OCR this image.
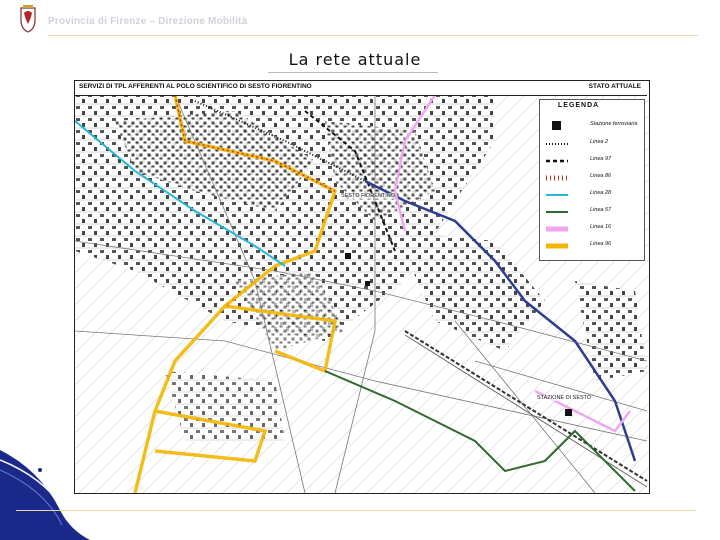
Provincia di Firenze – Direzione Mobilità
La rete attuale
SERVIZI DI TPL AFFERENTI AL POLO SCIENTIFICO DI SESTO FIORENTINO	STATO ATTUALE
SESTO FIORENTINO
STAZIONE DI SESTO
LEGENDA
Stazione ferroviaria
Linea 2
Linea 97
Linea 86
Linea 28
Linea 57
Linea 16
Linea 96
